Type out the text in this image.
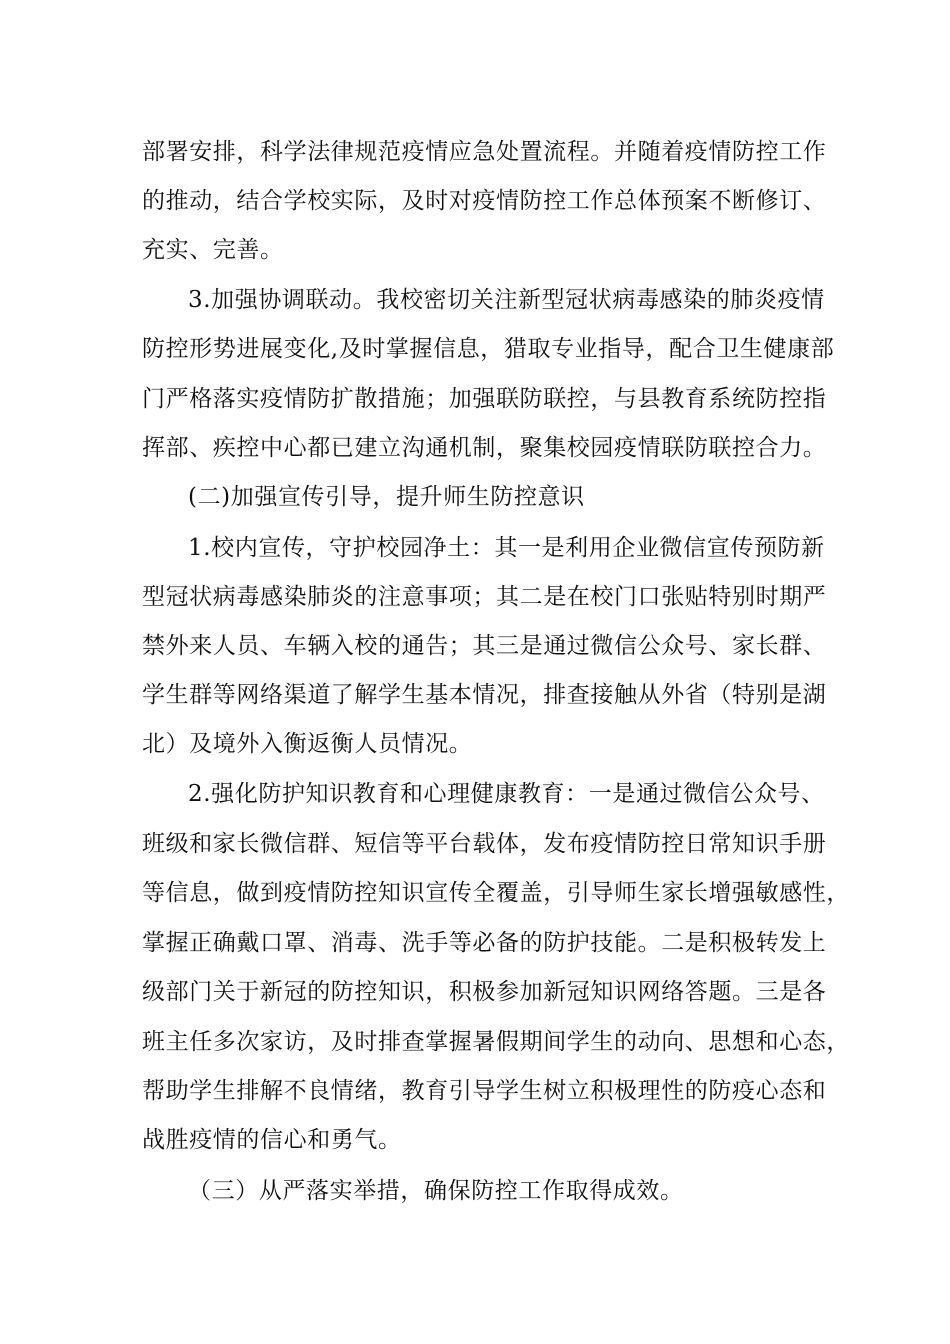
部署安排，科学法律规范疫情应急处置流程。并随着疫情防控工作
的推动，结合学校实际，及时对疫情防控工作总体预案不断修订、
充实、完善。
3.加强协调联动。我校密切关注新型冠状病毒感染的肺炎疫情
防控形势进展变化,及时掌握信息，猎取专业指导，配合卫生健康部
门严格落实疫情防扩散措施；加强联防联控，与县教育系统防控指
挥部、疾控中心都已建立沟通机制，聚集校园疫情联防联控合力。
(二)加强宣传引导，提升师生防控意识
1.校内宣传，守护校园净土：其一是利用企业微信宣传预防新
型冠状病毒感染肺炎的注意事项；其二是在校门口张贴特别时期严
禁外来人员、车辆入校的通告；其三是通过微信公众号、家长群、
学生群等网络渠道了解学生基本情况，排查接触从外省（特别是湖
北）及境外入衡返衡人员情况。
2.强化防护知识教育和心理健康教育：一是通过微信公众号、
班级和家长微信群、短信等平台载体，发布疫情防控日常知识手册
等信息，做到疫情防控知识宣传全覆盖，引导师生家长增强敏感性，
掌握正确戴口罩、消毒、洗手等必备的防护技能。二是积极转发上
级部门关于新冠的防控知识，积极参加新冠知识网络答题。三是各
班主任多次家访，及时排查掌握暑假期间学生的动向、思想和心态，
帮助学生排解不良情绪，教育引导学生树立积极理性的防疫心态和
战胜疫情的信心和勇气。
（三）从严落实举措，确保防控工作取得成效。
